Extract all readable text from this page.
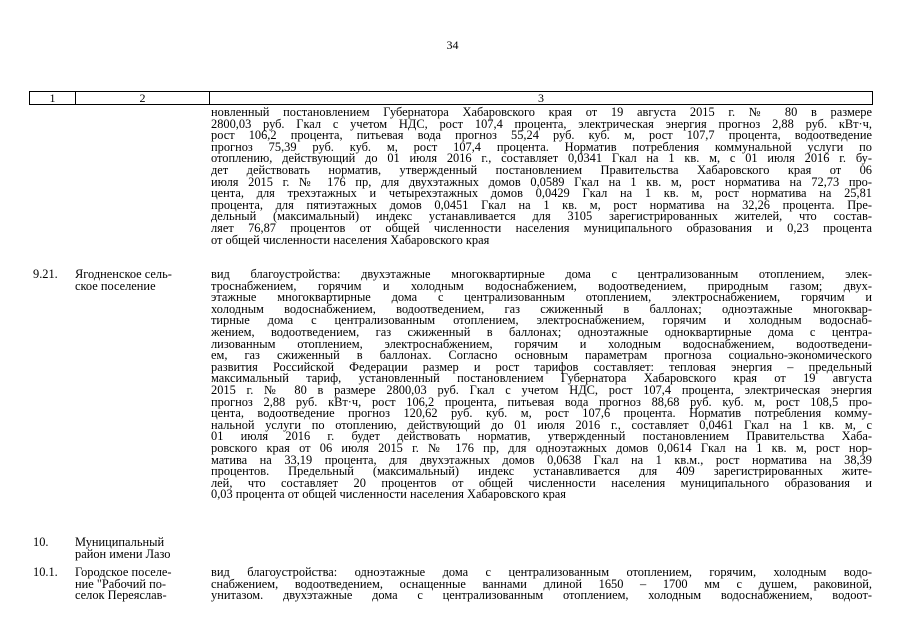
34
1	2	3
новленный постановлением Губернатора Хабаровского края от 19 августа 2015 г. № 80 в размере
2800,03 руб. Гкал с учетом НДС, рост 107,4 процента, электрическая энергия прогноз 2,88 руб. кВт·ч,
рост 106,2 процента, питьевая вода прогноз 55,24 руб. куб. м, рост 107,7 процента, водоотведение
прогноз 75,39 руб. куб. м, рост 107,4 процента. Норматив потребления коммунальной услуги по
отоплению, действующий до 01 июля 2016 г., составляет 0,0341 Гкал на 1 кв. м, с 01 июля 2016 г. бу-
дет действовать норматив, утвержденный постановлением Правительства Хабаровского края от 06
июля 2015 г. № 176 пр, для двухэтажных домов 0,0589 Гкал на 1 кв. м, рост норматива на 72,73 про-
цента, для трехэтажных и четырехэтажных домов 0,0429 Гкал на 1 кв. м, рост норматива на 25,81
процента, для пятиэтажных домов 0,0451 Гкал на 1 кв. м, рост норматива на 32,26 процента. Пре-
дельный (максимальный) индекс устанавливается для 3105 зарегистрированных жителей, что состав-
ляет 76,87 процентов от общей численности населения муниципального образования и 0,23 процента
от общей численности населения Хабаровского края
9.21. Ягодненское сель-
ское поселение
вид благоустройства: двухэтажные многоквартирные дома с централизованным отоплением, элек-
троснабжением, горячим и холодным водоснабжением, водоотведением, природным газом; двух-
этажные многоквартирные дома с централизованным отоплением, электроснабжением, горячим и
холодным водоснабжением, водоотведением, газ сжиженный в баллонах; одноэтажные многоквар-
тирные дома с централизованным отоплением, электроснабжением, горячим и холодным водоснаб-
жением, водоотведением, газ сжиженный в баллонах; одноэтажные одноквартирные дома с центра-
лизованным отоплением, электроснабжением, горячим и холодным водоснабжением, водоотведени-
ем, газ сжиженный в баллонах. Согласно основным параметрам прогноза социально-экономического
развития Российской Федерации размер и рост тарифов составляет: тепловая энергия – предельный
максимальный тариф, установленный постановлением Губернатора Хабаровского края от 19 августа
2015 г. № 80 в размере 2800,03 руб. Гкал с учетом НДС, рост 107,4 процента, электрическая энергия
прогноз 2,88 руб. кВт·ч, рост 106,2 процента, питьевая вода прогноз 88,68 руб. куб. м, рост 108,5 про-
цента, водоотведение прогноз 120,62 руб. куб. м, рост 107,6 процента. Норматив потребления комму-
нальной услуги по отоплению, действующий до 01 июля 2016 г., составляет 0,0461 Гкал на 1 кв. м, с
01 июля 2016 г. будет действовать норматив, утвержденный постановлением Правительства Хаба-
ровского края от 06 июля 2015 г. № 176 пр, для одноэтажных домов 0,0614 Гкал на 1 кв. м, рост нор-
матива на 33,19 процента, для двухэтажных домов 0,0638 Гкал на 1 кв.м., рост норматива на 38,39
процентов. Предельный (максимальный) индекс устанавливается для 409 зарегистрированных жите-
лей, что составляет 20 процентов от общей численности населения муниципального образования и
0,03 процента от общей численности населения Хабаровского края
10. Муниципальный
район имени Лазо
10.1. Городское поселе-
ние "Рабочий по-
селок Переяслав-
вид благоустройства: одноэтажные дома с централизованным отоплением, горячим, холодным водо-
снабжением, водоотведением, оснащенные ваннами длиной 1650 – 1700 мм с душем, раковиной,
унитазом. двухэтажные дома с централизованным отоплением, холодным водоснабжением, водоот-
